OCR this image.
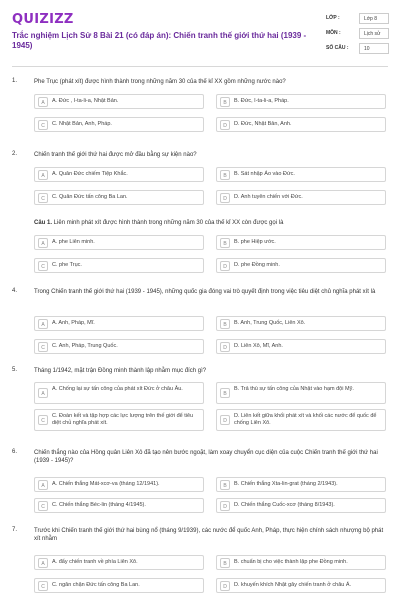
QUIZIZZ
Trắc nghiệm Lịch Sử 8 Bài 21 (có đáp án): Chiến tranh thế giới thứ hai (1939 - 1945)
LỚP :	Lớp 8
MÔN :	Lịch sử
SỐ CÂU :	10
1.	Phe Trục (phát xít) được hình thành trong những năm 30 của thế kỉ XX gồm những nước nào?
A	A. Đức , I-ta-li-a, Nhật Bản.	B	B. Đức, I-ta-li-a, Pháp.
C	C. Nhật Bản, Anh, Pháp.	D	D. Đức, Nhật Bản, Anh.
2.	Chiến tranh thế giới thứ hai được mở đầu bằng sự kiện nào?
A	A. Quân Đức chiếm Tiệp Khắc.	B	B. Sát nhập Áo vào Đức.
C	C. Quân Đức tấn công Ba Lan.	D	D. Anh tuyên chiến với Đức.
Câu 1. Liên minh phát xít được hình thành trong những năm 30 của thế kỉ XX còn được gọi là
A	A. phe Liên minh.	B	B. phe Hiệp ước.
C	C. phe Trục.	D	D. phe Đồng minh.
4.	Trong Chiến tranh thế giới thứ hai (1939 - 1945), những quốc gia đóng vai trò quyết định trong việc tiêu diệt chủ nghĩa phát xít là
A	A. Anh, Pháp, Mĩ.	B	B. Anh, Trung Quốc, Liên Xô.
C	C. Anh, Pháp, Trung Quốc.	D	D. Liên Xô, Mĩ, Anh.
5.	Tháng 1/1942, mặt trận Đồng minh thành lập nhằm mục đích gì?
A
A. Chống lại sự tấn công của phát xít Đức ở châu Âu.
B
B. Trả thù sự tấn công của Nhật vào hạm đội Mỹ.
C
C. Đoàn kết và tập hợp các lực lượng trên thế giới để tiêu diệt chủ nghĩa phát xít.	D
D. Liên kết giữa khối phát xít và khối các nước để quốc để chống Liên Xô.
6.	Chiến thắng nào của Hồng quân Liên Xô đã tạo nên bước ngoặt, làm xoay chuyển cục diện của cuộc Chiến tranh thế giới thứ hai (1939 - 1945)?
A	A. Chiến thắng Mát-xcơ-va (tháng 12/1941).	B	B. Chiến thắng Xta-lin-grat (tháng 2/1943).
C	C. Chiến thắng Béc-lin (tháng 4/1945).	D	D. Chiến thắng Cuốc-xcơ (tháng 8/1943).
7.	Trước khi Chiến tranh thế giới thứ hai bùng nổ (tháng 9/1939), các nước để quốc Anh, Pháp, thực hiện chính sách nhượng bộ phát xít nhằm
A	A. đẩy chiến tranh về phía Liên Xô.	B	B. chuẩn bị cho việc thành lập phe Đồng minh.
C	C. ngăn chặn Đức tấn công Ba Lan.	D	D. khuyến khích Nhật gây chiến tranh ở châu Á.
